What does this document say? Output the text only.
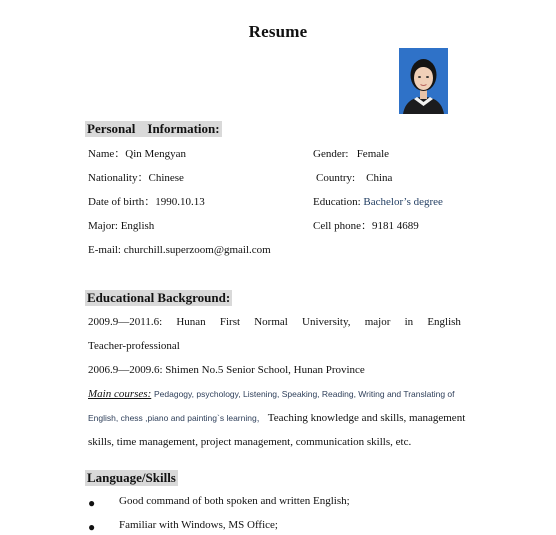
Resume
Personal Information:
Name：Qin Mengyan	Gender: Female
Nationality：Chinese	Country: China
Date of birth：1990.10.13	Education: Bachelor’s degree
Major: English	Cell phone：9181 4689
E-mail: churchill.superzoom@gmail.com
Educational Background:
2009.9—2011.6: Hunan First Normal University, major in English
Teacher-professional
2006.9—2009.6: Shimen No.5 Senior School, Hunan Province
Main courses: Pedagogy, psychology, Listening, Speaking, Reading, Writing and Translating of
English, chess ,piano and painting`s learning， Teaching knowledge and skills, management
skills, time management, project management, communication skills, etc.
Language/Skills
● Good command of both spoken and written English;
● Familiar with Windows, MS Office;
